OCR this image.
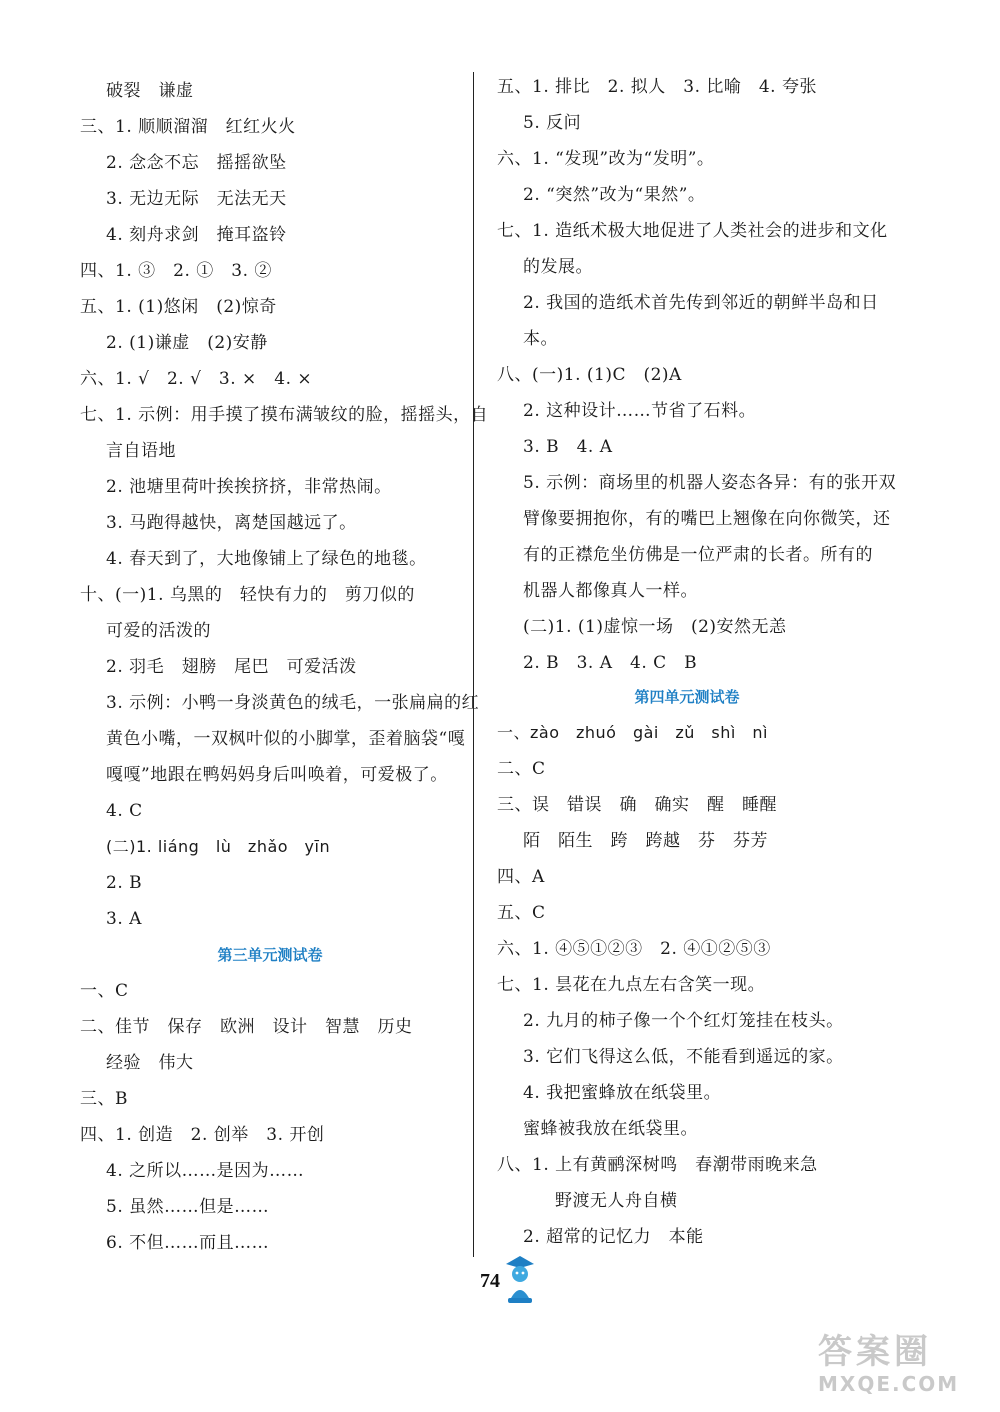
破裂　谦虚
三、1. 顺顺溜溜　红红火火
2. 念念不忘　摇摇欲坠
3. 无边无际　无法无天
4. 刻舟求剑　掩耳盗铃
四、1. ③　2. ①　3. ②
五、1. (1)悠闲　(2)惊奇
2. (1)谦虚　(2)安静
六、1. √　2. √　3. ×　4. ×
七、1. 示例：用手摸了摸布满皱纹的脸，摇摇头，自
言自语地
2. 池塘里荷叶挨挨挤挤，非常热闹。
3. 马跑得越快，离楚国越远了。
4. 春天到了，大地像铺上了绿色的地毯。
十、(一)1. 乌黑的　轻快有力的　剪刀似的
可爱的活泼的
2. 羽毛　翅膀　尾巴　可爱活泼
3. 示例：小鸭一身淡黄色的绒毛，一张扁扁的红
黄色小嘴，一双枫叶似的小脚掌，歪着脑袋“嘎
嘎嘎”地跟在鸭妈妈身后叫唤着，可爱极了。
4. C
(二)1. liáng　lù　zhǎo　yīn
2. B
3. A
第三单元测试卷
一、C
二、佳节　保存　欧洲　设计　智慧　历史
经验　伟大
三、B
四、1. 创造　2. 创举　3. 开创
4. 之所以……是因为……
5. 虽然……但是……
6. 不但……而且……
五、1. 排比　2. 拟人　3. 比喻　4. 夸张
5. 反问
六、1. “发现”改为“发明”。
2. “突然”改为“果然”。
七、1. 造纸术极大地促进了人类社会的进步和文化
的发展。
2. 我国的造纸术首先传到邻近的朝鲜半岛和日
本。
八、(一)1. (1)C　(2)A
2. 这种设计……节省了石料。
3. B　4. A
5. 示例：商场里的机器人姿态各异：有的张开双
臂像要拥抱你，有的嘴巴上翘像在向你微笑，还
有的正襟危坐仿佛是一位严肃的长者。所有的
机器人都像真人一样。
(二)1. (1)虚惊一场　(2)安然无恙
2. B　3. A　4. C　B
第四单元测试卷
一、zào　zhuó　gài　zǔ　shì　nì
二、C
三、误　错误　确　确实　醒　睡醒
陌　陌生　跨　跨越　芬　芬芳
四、A
五、C
六、1. ④⑤①②③　2. ④①②⑤③
七、1. 昙花在九点左右含笑一现。
2. 九月的柿子像一个个红灯笼挂在枝头。
3. 它们飞得这么低，不能看到遥远的家。
4. 我把蜜蜂放在纸袋里。
蜜蜂被我放在纸袋里。
八、1. 上有黄鹂深树鸣　春潮带雨晚来急
野渡无人舟自横
2. 超常的记忆力　本能
74
答案圈
MXQE.COM
